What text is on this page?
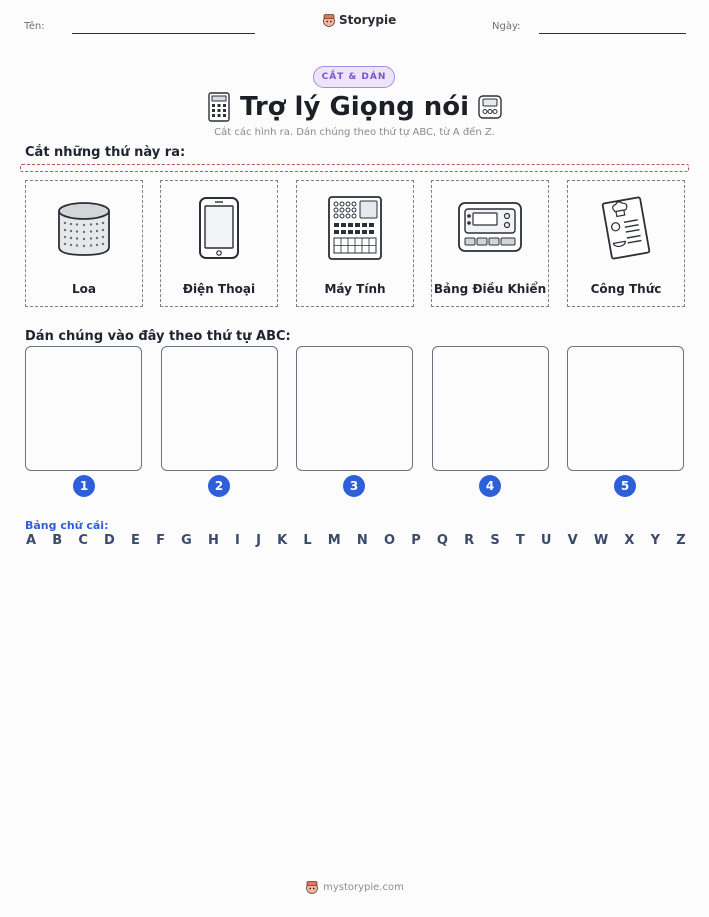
Tên:	Storypie	Ngày:
CẮT & DÁN
Trợ lý Giọng nói
Cắt các hình ra. Dán chúng theo thứ tự ABC, từ A đến Z.
Cắt những thứ này ra:
Loa	Điện Thoại	Máy Tính	Bảng Điều Khiển	Công Thức
Dán chúng vào đây theo thứ tự ABC:
1	2	3	4	5
Bảng chữ cái:
A B C D E F G H I J K L M N O P Q R S T U V W X Y Z
mystorypie.com
